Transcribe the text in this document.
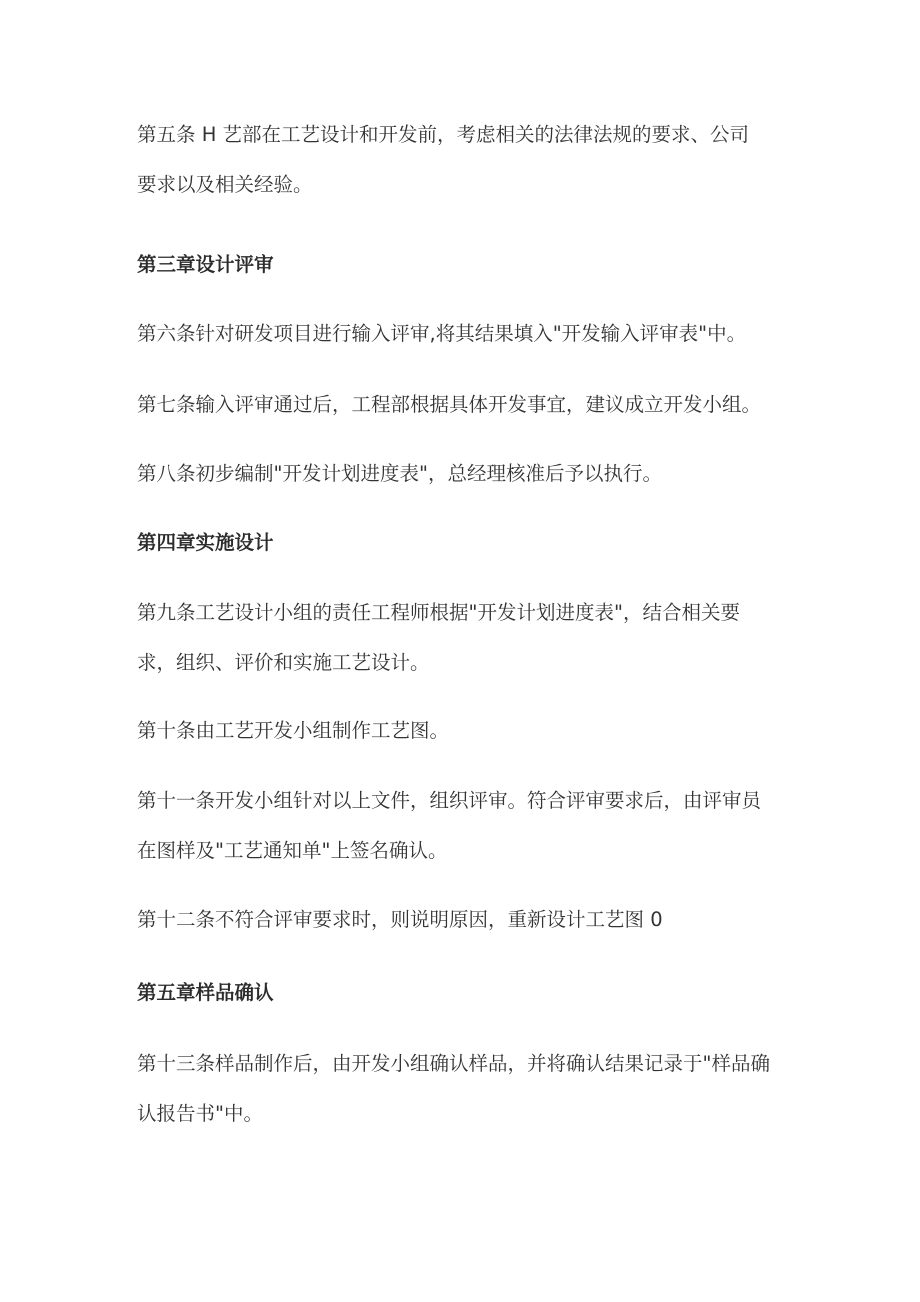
第五条 H 艺部在工艺设计和开发前，考虑相关的法律法规的要求、公司
要求以及相关经验。
第三章设计评审
第六条针对研发项目进行输入评审,将其结果填入"开发输入评审表"中。
第七条输入评审通过后，工程部根据具体开发事宜，建议成立开发小组。
第八条初步编制"开发计划进度表"，总经理核准后予以执行。
第四章实施设计
第九条工艺设计小组的责任工程师根据"开发计划进度表"，结合相关要
求，组织、评价和实施工艺设计。
第十条由工艺开发小组制作工艺图。
第十一条开发小组针对以上文件，组织评审。符合评审要求后，由评审员
在图样及"工艺通知单"上签名确认。
第十二条不符合评审要求时，则说明原因，重新设计工艺图 0
第五章样品确认
第十三条样品制作后，由开发小组确认样品，并将确认结果记录于"样品确
认报告书"中。
